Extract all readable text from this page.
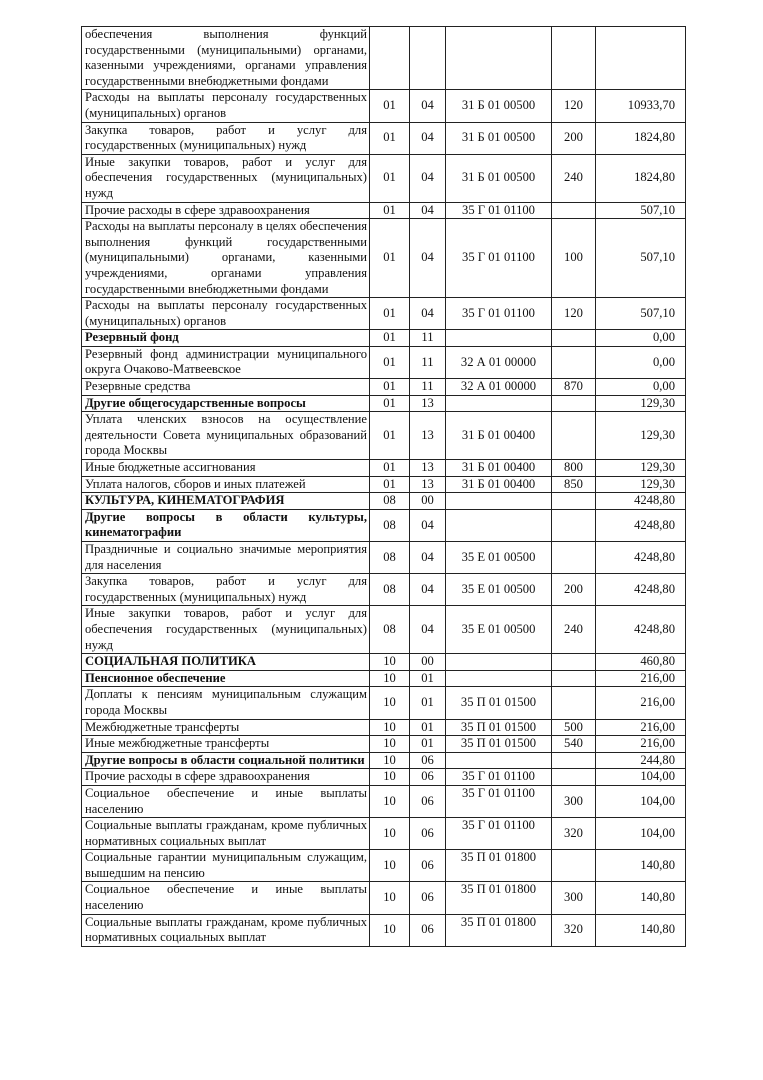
обеспечения выполнения функций государственными (муниципальными) органами, казенными учреждениями, органами управления государственными внебюджетными фондами					
Расходы на выплаты персоналу государственных (муниципальных) органов	01	04	31 Б 01 00500	120	10933,70
Закупка товаров, работ и услуг для государственных (муниципальных) нужд	01	04	31 Б 01 00500	200	1824,80
Иные закупки товаров, работ и услуг для обеспечения государственных (муниципальных) нужд	01	04	31 Б 01 00500	240	1824,80
Прочие расходы в сфере здравоохранения	01	04	35 Г 01 01100		507,10
Расходы на выплаты персоналу в целях обеспечения выполнения функций государственными (муниципальными) органами, казенными учреждениями, органами управления государственными внебюджетными фондами	01	04	35 Г 01 01100	100	507,10
Расходы на выплаты персоналу государственных (муниципальных) органов	01	04	35 Г 01 01100	120	507,10
Резервный фонд	01	11			0,00
Резервный фонд администрации муниципального округа Очаково-Матвеевское	01	11	32 А 01 00000		0,00
Резервные средства	01	11	32 А 01 00000	870	0,00
Другие общегосударственные вопросы	01	13			129,30
Уплата членских взносов на осуществление деятельности Совета муниципальных образований города Москвы	01	13	31 Б 01 00400		129,30
Иные бюджетные ассигнования	01	13	31 Б 01 00400	800	129,30
Уплата налогов, сборов и иных платежей	01	13	31 Б 01 00400	850	129,30
КУЛЬТУРА, КИНЕМАТОГРАФИЯ	08	00			4248,80
Другие вопросы в области культуры, кинематографии	08	04			4248,80
Праздничные и социально значимые мероприятия для населения	08	04	35 Е 01 00500		4248,80
Закупка товаров, работ и услуг для государственных (муниципальных) нужд	08	04	35 Е 01 00500	200	4248,80
Иные закупки товаров, работ и услуг для обеспечения государственных (муниципальных) нужд	08	04	35 Е 01 00500	240	4248,80
СОЦИАЛЬНАЯ ПОЛИТИКА	10	00			460,80
Пенсионное обеспечение	10	01			216,00
Доплаты к пенсиям муниципальным служащим города Москвы	10	01	35 П 01 01500		216,00
Межбюджетные трансферты	10	01	35 П 01 01500	500	216,00
Иные межбюджетные трансферты	10	01	35 П 01 01500	540	216,00
Другие вопросы в области социальной политики	10	06			244,80
Прочие расходы в сфере здравоохранения	10	06	35 Г 01 01100		104,00
Социальное обеспечение и иные выплаты населению	10	06	35 Г 01 01100	300	104,00
Социальные выплаты гражданам, кроме публичных нормативных социальных выплат	10	06	35 Г 01 01100	320	104,00
Социальные гарантии муниципальным служащим, вышедшим на пенсию	10	06	35 П 01 01800		140,80
Социальное обеспечение и иные выплаты населению	10	06	35 П 01 01800	300	140,80
Социальные выплаты гражданам, кроме публичных нормативных социальных выплат	10	06	35 П 01 01800	320	140,80
